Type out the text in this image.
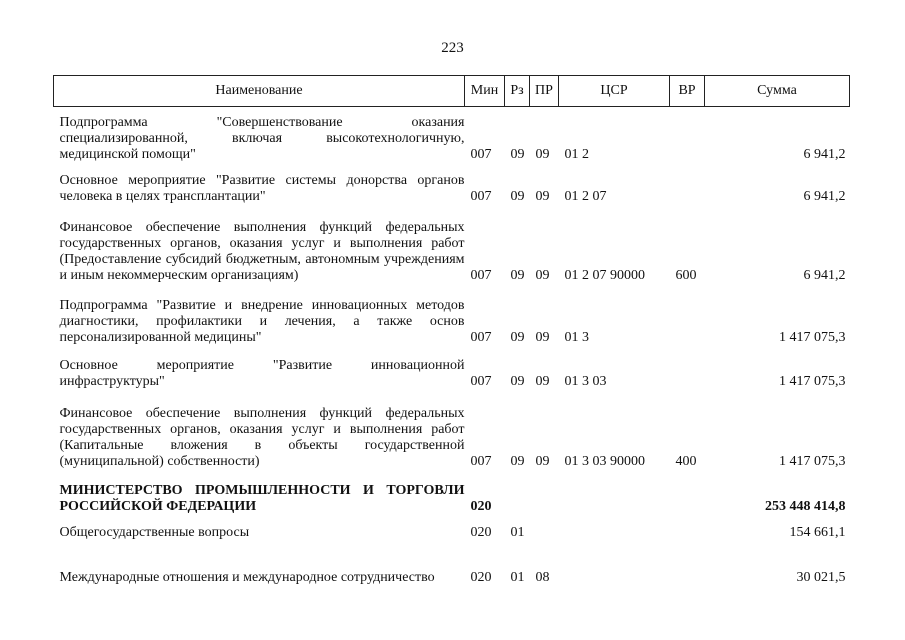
223
Наименование	Мин	Рз	ПР	ЦСР	ВР	Сумма
Подпрограмма "Совершенствование оказания специализированной, включая высокотехнологичную, медицинской помощи"	007	09	09	01 2		6 941,2
Основное мероприятие "Развитие системы донорства органов человека в целях трансплантации"	007	09	09	01 2 07		6 941,2
Финансовое обеспечение выполнения функций федеральных государственных органов, оказания услуг и выполнения работ (Предоставление субсидий бюджетным, автономным учреждениям и иным некоммерческим организациям)	007	09	09	01 2 07 90000	600	6 941,2
Подпрограмма "Развитие и внедрение инновационных методов диагностики, профилактики и лечения, а также основ персонализированной медицины"	007	09	09	01 3		1 417 075,3
Основное мероприятие "Развитие инновационной инфраструктуры"	007	09	09	01 3 03		1 417 075,3
Финансовое обеспечение выполнения функций федеральных государственных органов, оказания услуг и выполнения работ (Капитальные вложения в объекты государственной (муниципальной) собственности)	007	09	09	01 3 03 90000	400	1 417 075,3
МИНИСТЕРСТВО ПРОМЫШЛЕННОСТИ И ТОРГОВЛИ РОССИЙСКОЙ ФЕДЕРАЦИИ	020					253 448 414,8
Общегосударственные вопросы	020	01				154 661,1
Международные отношения и международное сотрудничество	020	01	08			30 021,5
